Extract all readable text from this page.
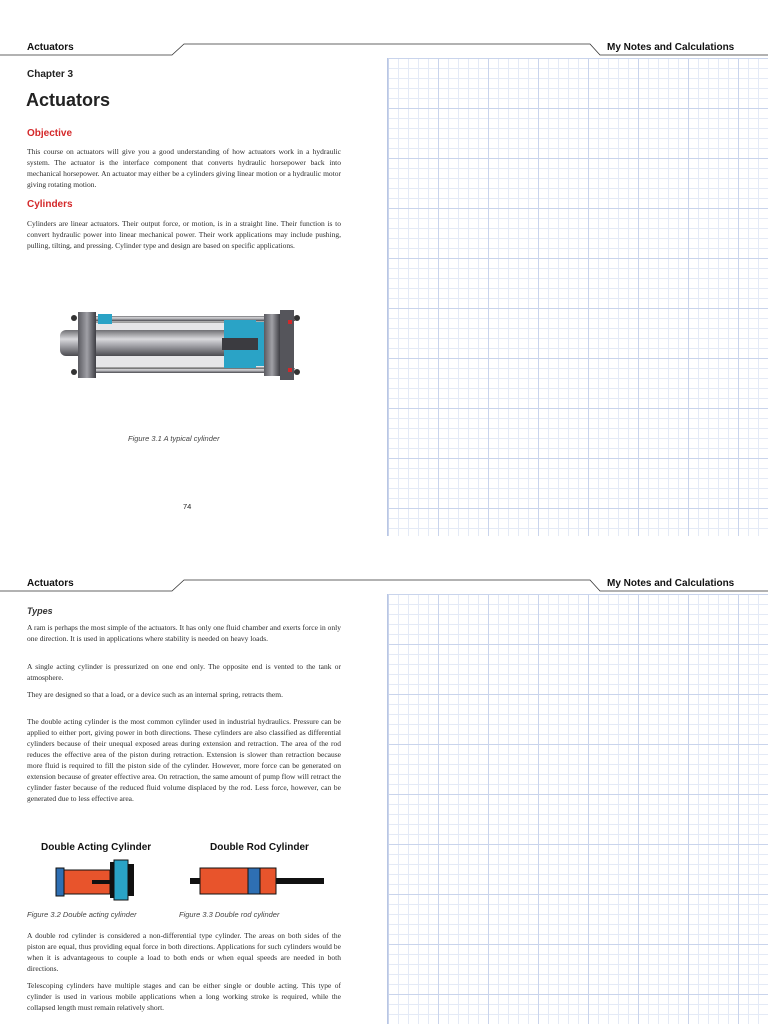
Actuators	My Notes and Calculations
Chapter 3
Actuators
Objective

This course on actuators will give you a good understanding of how actuators work in a hydraulic system. The actuator is the interface component that converts hydraulic horsepower back into mechanical horsepower. An actuator may either be a cylinders giving linear motion or a hydraulic motor giving rotating motion.

Cylinders

Cylinders are linear actuators. Their output force, or motion, is in a straight line. Their function is to convert hydraulic power into linear mechanical power. Their work applications may include pushing, pulling, tilting, and pressing. Cylinder type and design are based on specific applications.

Figure 3.1 A typical cylinder
74
Actuators	My Notes and Calculations
Types

A ram is perhaps the most simple of the actuators. It has only one fluid chamber and exerts force in only one direction. It is used in applications where stability is needed on heavy loads.

A single acting cylinder is pressurized on one end only. The opposite end is vented to the tank or atmosphere.

They are designed so that a load, or a device such as an internal spring, retracts them.

The double acting cylinder is the most common cylinder used in industrial hydraulics. Pressure can be applied to either port, giving power in both directions. These cylinders are also classified as differential cylinders because of their unequal exposed areas during extension and retraction. The area of the rod reduces the effective area of the piston during retraction. Extension is slower than retraction because more fluid is required to fill the piston side of the cylinder. However, more force can be generated on extension because of greater effective area. On retraction, the same amount of pump flow will retract the cylinder faster because of the reduced fluid volume displaced by the rod. Less force, however, can be generated due to less effective area.

Double Acting Cylinder	Double Rod Cylinder
Figure 3.2 Double acting cylinder	Figure 3.3 Double rod cylinder

A double rod cylinder is considered a non-differential type cylinder. The areas on both sides of the piston are equal, thus providing equal force in both directions. Applications for such cylinders would be when it is advantageous to couple a load to both ends or when equal speeds are needed in both directions.

Telescoping cylinders have multiple stages and can be either single or double acting. This type of cylinder is used in various mobile applications when a long working stroke is required, while the collapsed length must remain relatively short.
